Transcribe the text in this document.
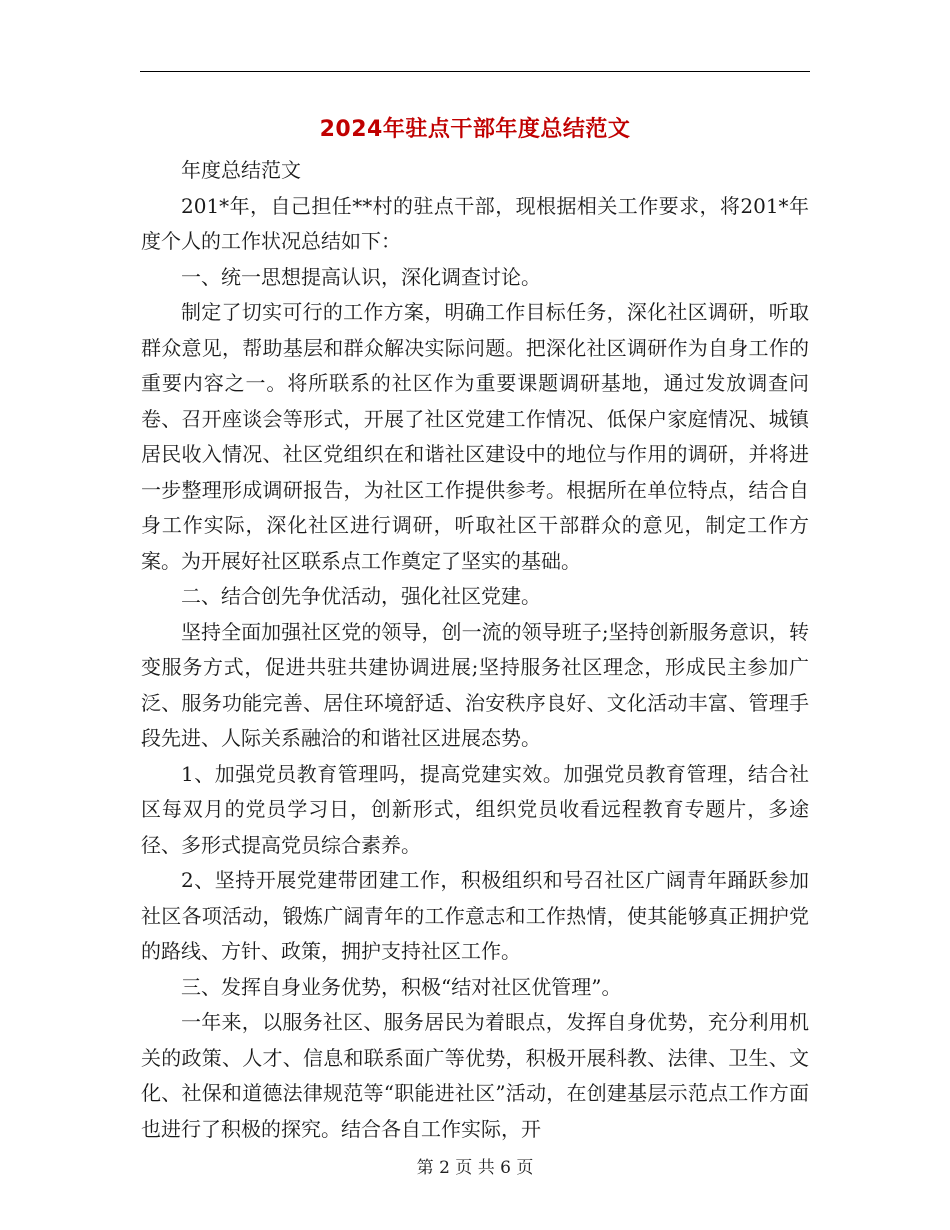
2024年驻点干部年度总结范文

年度总结范文

201*年，自己担任**村的驻点干部，现根据相关工作要求，将201*年度个人的工作状况总结如下：

一、统一思想提高认识，深化调查讨论。

制定了切实可行的工作方案，明确工作目标任务，深化社区调研，听取群众意见，帮助基层和群众解决实际问题。把深化社区调研作为自身工作的重要内容之一。将所联系的社区作为重要课题调研基地，通过发放调查问卷、召开座谈会等形式，开展了社区党建工作情况、低保户家庭情况、城镇居民收入情况、社区党组织在和谐社区建设中的地位与作用的调研，并将进一步整理形成调研报告，为社区工作提供参考。根据所在单位特点，结合自身工作实际，深化社区进行调研，听取社区干部群众的意见，制定工作方案。为开展好社区联系点工作奠定了坚实的基础。

二、结合创先争优活动，强化社区党建。

坚持全面加强社区党的领导，创一流的领导班子;坚持创新服务意识，转变服务方式，促进共驻共建协调进展;坚持服务社区理念，形成民主参加广泛、服务功能完善、居住环境舒适、治安秩序良好、文化活动丰富、管理手段先进、人际关系融洽的和谐社区进展态势。

1、加强党员教育管理吗，提高党建实效。加强党员教育管理，结合社区每双月的党员学习日，创新形式，组织党员收看远程教育专题片，多途径、多形式提高党员综合素养。

2、坚持开展党建带团建工作，积极组织和号召社区广阔青年踊跃参加社区各项活动，锻炼广阔青年的工作意志和工作热情，使其能够真正拥护党的路线、方针、政策，拥护支持社区工作。

三、发挥自身业务优势，积极“结对社区优管理”。

一年来，以服务社区、服务居民为着眼点，发挥自身优势，充分利用机关的政策、人才、信息和联系面广等优势，积极开展科教、法律、卫生、文化、社保和道德法律规范等“职能进社区”活动，在创建基层示范点工作方面也进行了积极的探究。结合各自工作实际，开

第 2 页 共 6 页
